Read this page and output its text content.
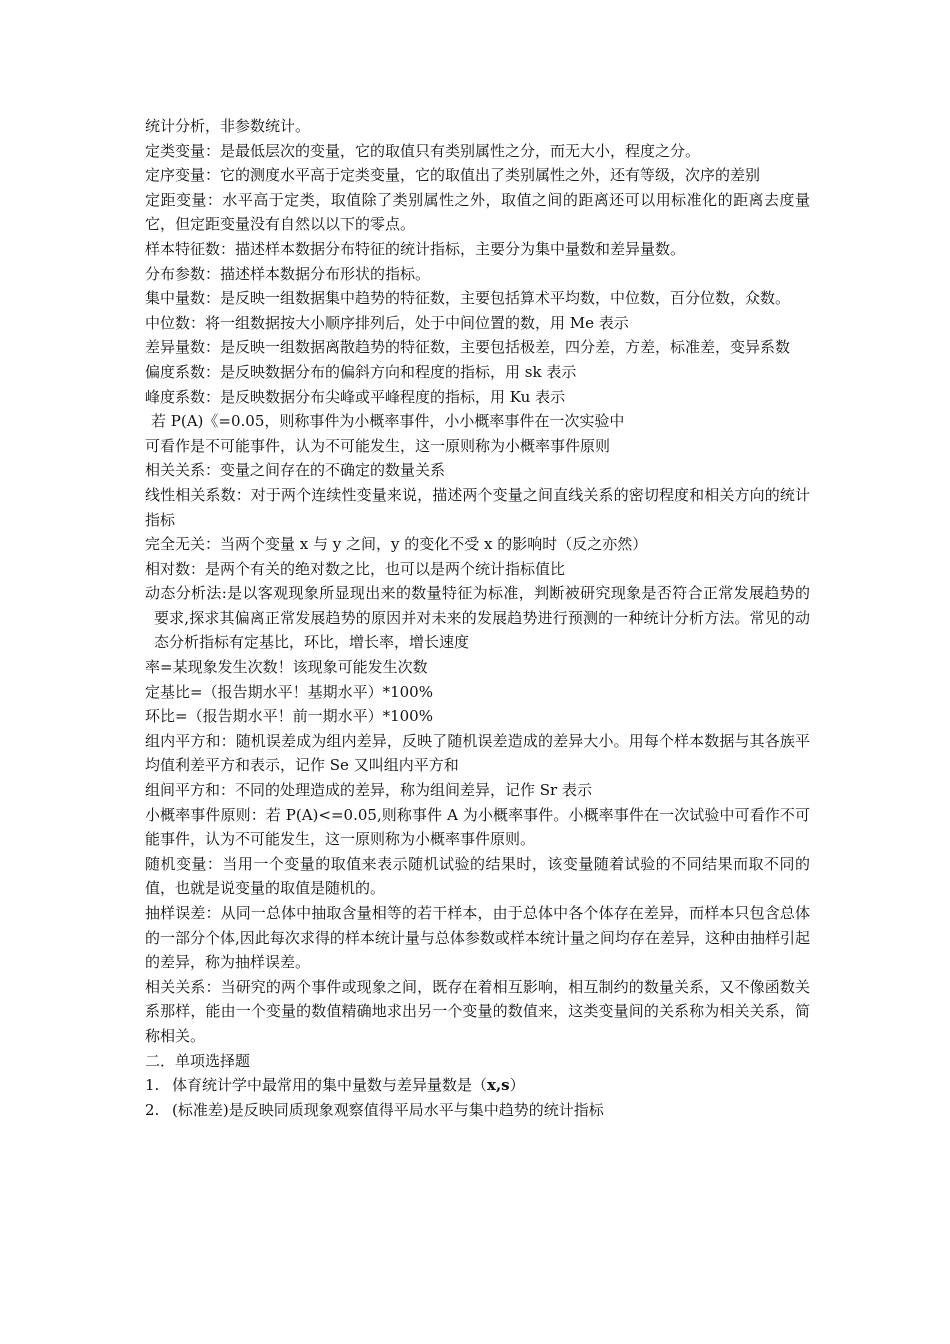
统计分析，非参数统计。

定类变量：是最低层次的变量，它的取值只有类别属性之分，而无大小，程度之分。

定序变量：它的测度水平高于定类变量，它的取值出了类别属性之外，还有等级，次序的差别

定距变量：水平高于定类，取值除了类别属性之外，取值之间的距离还可以用标准化的距离去度量它，但定距变量没有自然以以下的零点。

样本特征数：描述样本数据分布特征的统计指标，主要分为集中量数和差异量数。

分布参数：描述样本数据分布形状的指标。

集中量数：是反映一组数据集中趋势的特征数，主要包括算术平均数，中位数，百分位数，众数。

中位数：将一组数据按大小顺序排列后，处于中间位置的数，用 Me 表示

差异量数：是反映一组数据离散趋势的特征数，主要包括极差，四分差，方差，标准差，变异系数

偏度系数：是反映数据分布的偏斜方向和程度的指标，用 sk 表示

峰度系数：是反映数据分布尖峰或平峰程度的指标，用 Ku 表示

若 P(A)《=0.05，则称事件为小概率事件，小小概率事件在一次实验中

可看作是不可能事件，认为不可能发生，这一原则称为小概率事件原则

相关关系：变量之间存在的不确定的数量关系

线性相关系数：对于两个连续性变量来说，描述两个变量之间直线关系的密切程度和相关方向的统计指标

完全无关：当两个变量 x 与 y 之间，y 的变化不受 x 的影响时（反之亦然）

相对数：是两个有关的绝对数之比，也可以是两个统计指标值比

动态分析法:是以客观现象所显现出来的数量特征为标准，判断被研究现象是否符合正常发展趋势的要求,探求其偏离正常发展趋势的原因并对未来的发展趋势进行预测的一种统计分析方法。常见的动态分析指标有定基比，环比，增长率，增长速度

率=某现象发生次数！该现象可能发生次数

定基比=（报告期水平！基期水平）*100%

环比=（报告期水平！前一期水平）*100%

组内平方和：随机误差成为组内差异，反映了随机误差造成的差异大小。用每个样本数据与其各族平均值利差平方和表示，记作 Se 又叫组内平方和

组间平方和：不同的处理造成的差异，称为组间差异，记作 Sr 表示

小概率事件原则：若 P(A)<=0.05,则称事件 A 为小概率事件。小概率事件在一次试验中可看作不可能事件，认为不可能发生，这一原则称为小概率事件原则。

随机变量：当用一个变量的取值来表示随机试验的结果时，该变量随着试验的不同结果而取不同的值，也就是说变量的取值是随机的。

抽样误差：从同一总体中抽取含量相等的若干样本，由于总体中各个体存在差异，而样本只包含总体的一部分个体,因此每次求得的样本统计量与总体参数或样本统计量之间均存在差异，这种由抽样引起的差异，称为抽样误差。

相关关系：当研究的两个事件或现象之间，既存在着相互影响，相互制约的数量关系，又不像函数关系那样，能由一个变量的数值精确地求出另一个变量的数值来，这类变量间的关系称为相关关系，简称相关。

二．单项选择题

1. 体育统计学中最常用的集中量数与差异量数是（x,s）

2. (标准差)是反映同质现象观察值得平局水平与集中趋势的统计指标
